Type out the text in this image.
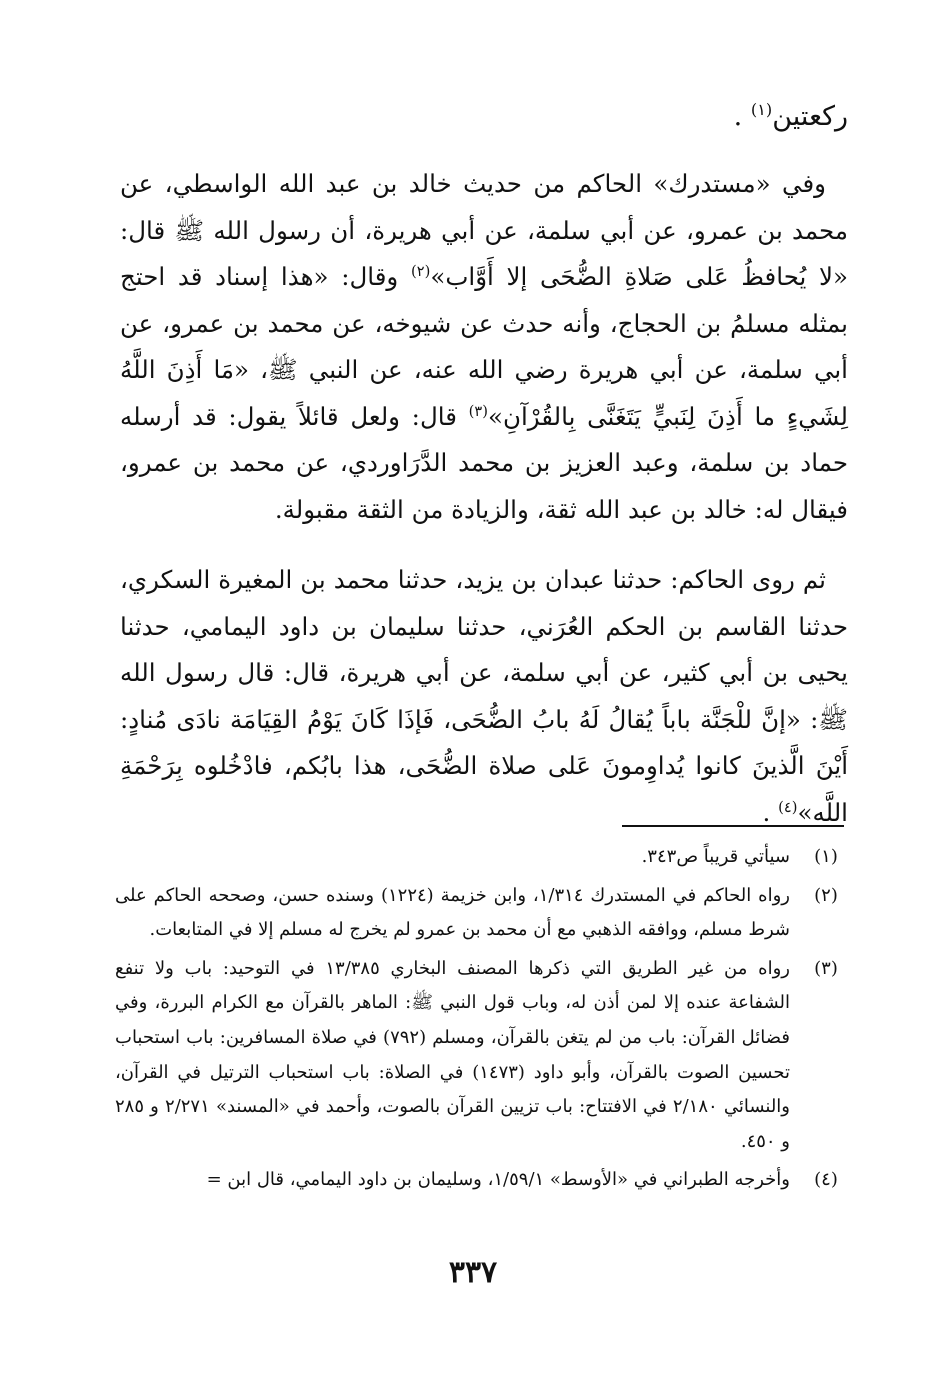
ركعتين$^{(١)}$ .

وفي «مستدرك» الحاكم من حديث خالد بن عبد الله الواسطي، عن محمد بن عمرو، عن أبي سلمة، عن أبي هريرة، أن رسول الله ﷺ قال: «لا يُحافظُ عَلى صَلاةِ الضُّحَى إلا أَوَّاب»$^{(٢)}$ وقال: «هذا إسناد قد احتج بمثله مسلمُ بن الحجاج، وأنه حدث عن شيوخه، عن محمد بن عمرو، عن أبي سلمة، عن أبي هريرة رضي الله عنه، عن النبي ﷺ، «مَا أَذِنَ اللَّهُ لِشَيءٍ ما أَذِنَ لِنَبيٍّ يَتَغَنَّى بِالقُرْآنِ»$^{(٣)}$ قال: ولعل قائلاً يقول: قد أرسله حماد بن سلمة، وعبد العزيز بن محمد الدَّرَاوردي، عن محمد بن عمرو، فيقال له: خالد بن عبد الله ثقة، والزيادة من الثقة مقبولة.

ثم روى الحاكم: حدثنا عبدان بن يزيد، حدثنا محمد بن المغيرة السكري، حدثنا القاسم بن الحكم العُرَني، حدثنا سليمان بن داود اليمامي، حدثنا يحيى بن أبي كثير، عن أبي سلمة، عن أبي هريرة، قال: قال رسول الله ﷺ: «إنَّ للْجَنَّة باباً يُقالُ لَهُ بابُ الضُّحَى، فَإذَا كَانَ يَوْمُ القِيَامَة نادَى مُنادٍ: أَيْنَ الَّذينَ كانوا يُداوِمونَ عَلى صلاة الضُّحَى، هذا بابُكم، فادْخُلوه بِرَحْمَةِ اللَّه»$^{(٤)}$ .

(١)
سيأتي قريباً ص٣٤٣.
(٢)
رواه الحاكم في المستدرك ١/٣١٤، وابن خزيمة (١٢٢٤) وسنده حسن، وصححه الحاكم على شرط مسلم، ووافقه الذهبي مع أن محمد بن عمرو لم يخرج له مسلم إلا في المتابعات.
(٣)
رواه من غير الطريق التي ذكرها المصنف البخاري ١٣/٣٨٥ في التوحيد: باب ولا تنفع الشفاعة عنده إلا لمن أذن له، وباب قول النبي ﷺ: الماهر بالقرآن مع الكرام البررة، وفي فضائل القرآن: باب من لم يتغن بالقرآن، ومسلم (٧٩٢) في صلاة المسافرين: باب استحباب تحسين الصوت بالقرآن، وأبو داود (١٤٧٣) في الصلاة: باب استحباب الترتيل في القرآن، والنسائي ٢/١٨٠ في الافتتاح: باب تزيين القرآن بالصوت، وأحمد في «المسند» ٢/٢٧١ و ٢٨٥ و ٤٥٠.
(٤)
وأخرجه الطبراني في «الأوسط» ١/٥٩/١، وسليمان بن داود اليمامي، قال ابن =
٣٣٧
